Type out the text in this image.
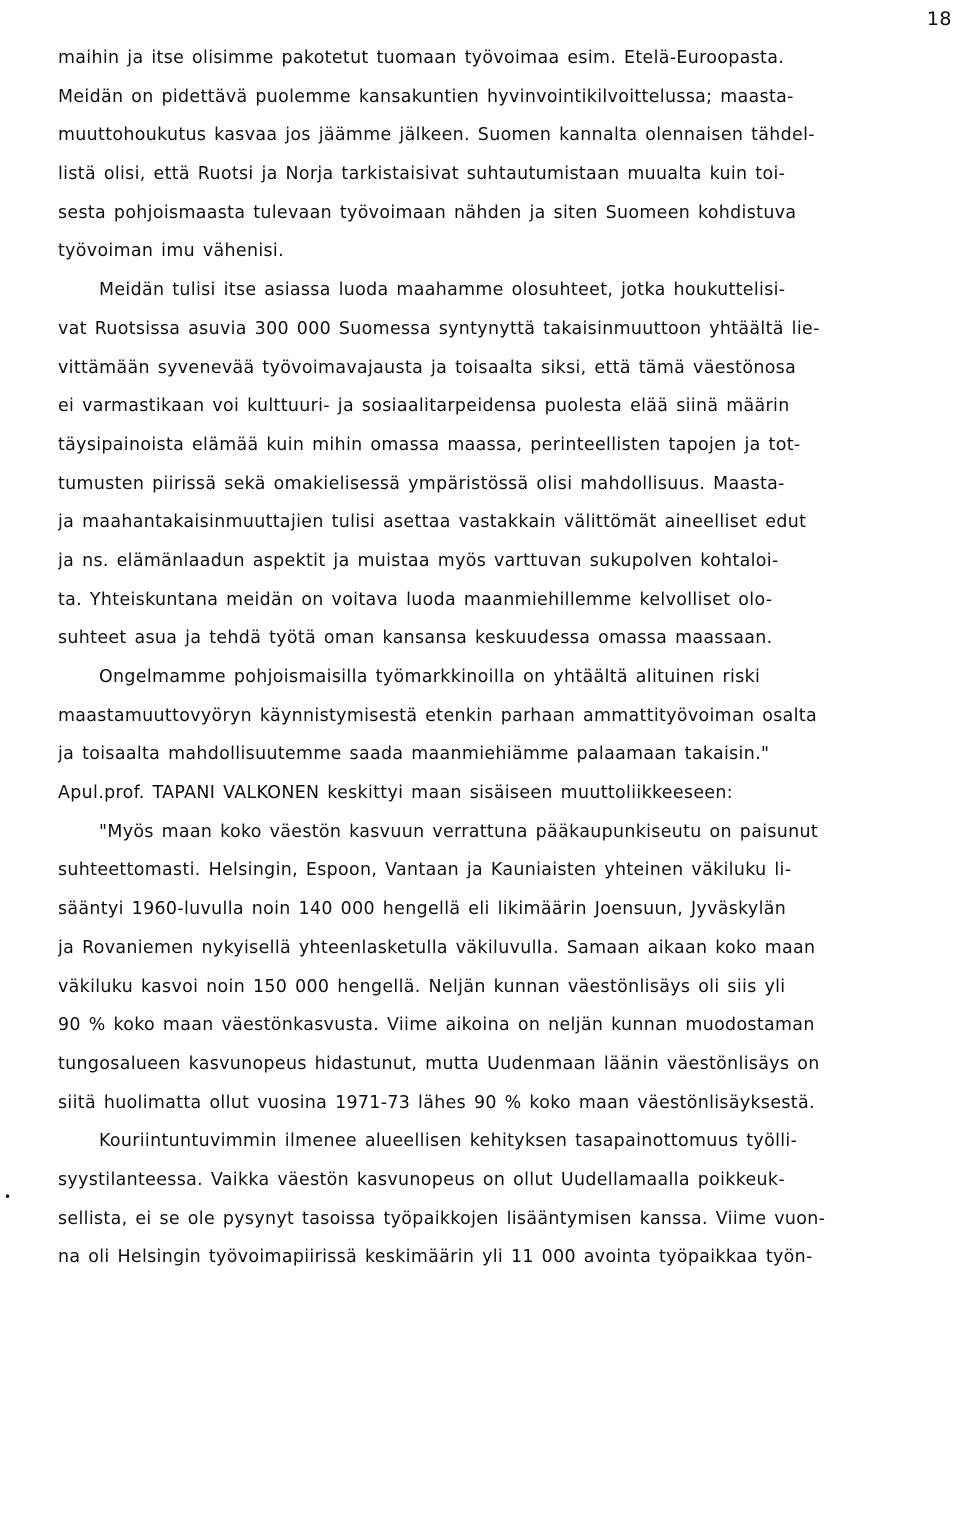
18
•
maihin ja itse olisimme pakotetut tuomaan työvoimaa esim. Etelä-Euroopasta.
Meidän on pidettävä puolemme kansakuntien hyvinvointikilvoittelussa; maasta-
muuttohoukutus kasvaa jos jäämme jälkeen. Suomen kannalta olennaisen tähdel-
listä olisi, että Ruotsi ja Norja tarkistaisivat suhtautumistaan muualta kuin toi-
sesta pohjoismaasta tulevaan työvoimaan nähden ja siten Suomeen kohdistuva
työvoiman imu vähenisi.
Meidän tulisi itse asiassa luoda maahamme olosuhteet, jotka houkuttelisi-
vat Ruotsissa asuvia 300 000 Suomessa syntynyttä takaisinmuuttoon yhtäältä lie-
vittämään syvenevää työvoimavajausta ja toisaalta siksi, että tämä väestönosa
ei varmastikaan voi kulttuuri- ja sosiaalitarpeidensa puolesta elää siinä määrin
täysipainoista elämää kuin mihin omassa maassa, perinteellisten tapojen ja tot-
tumusten piirissä sekä omakielisessä ympäristössä olisi mahdollisuus. Maasta-
ja maahantakaisinmuuttajien tulisi asettaa vastakkain välittömät aineelliset edut
ja ns. elämänlaadun aspektit ja muistaa myös varttuvan sukupolven kohtaloi-
ta. Yhteiskuntana meidän on voitava luoda maanmiehillemme kelvolliset olo-
suhteet asua ja tehdä työtä oman kansansa keskuudessa omassa maassaan.
Ongelmamme pohjoismaisilla työmarkkinoilla on yhtäältä alituinen riski
maastamuuttovyöryn käynnistymisestä etenkin parhaan ammattityövoiman osalta
ja toisaalta mahdollisuutemme saada maanmiehiämme palaamaan takaisin."
Apul.prof. TAPANI VALKONEN keskittyi maan sisäiseen muuttoliikkeeseen:
"Myös maan koko väestön kasvuun verrattuna pääkaupunkiseutu on paisunut
suhteettomasti. Helsingin, Espoon, Vantaan ja Kauniaisten yhteinen väkiluku li-
sääntyi 1960-luvulla noin 140 000 hengellä eli likimäärin Joensuun, Jyväskylän
ja Rovaniemen nykyisellä yhteenlasketulla väkiluvulla. Samaan aikaan koko maan
väkiluku kasvoi noin 150 000 hengellä. Neljän kunnan väestönlisäys oli siis yli
90 % koko maan väestönkasvusta. Viime aikoina on neljän kunnan muodostaman
tungosalueen kasvunopeus hidastunut, mutta Uudenmaan läänin väestönlisäys on
siitä huolimatta ollut vuosina 1971-73 lähes 90 % koko maan väestönlisäyksestä.
Kouriintuntuvimmin ilmenee alueellisen kehityksen tasapainottomuus työlli-
syystilanteessa. Vaikka väestön kasvunopeus on ollut Uudellamaalla poikkeuk-
sellista, ei se ole pysynyt tasoissa työpaikkojen lisääntymisen kanssa. Viime vuon-
na oli Helsingin työvoimapiirissä keskimäärin yli 11 000 avointa työpaikkaa työn-
